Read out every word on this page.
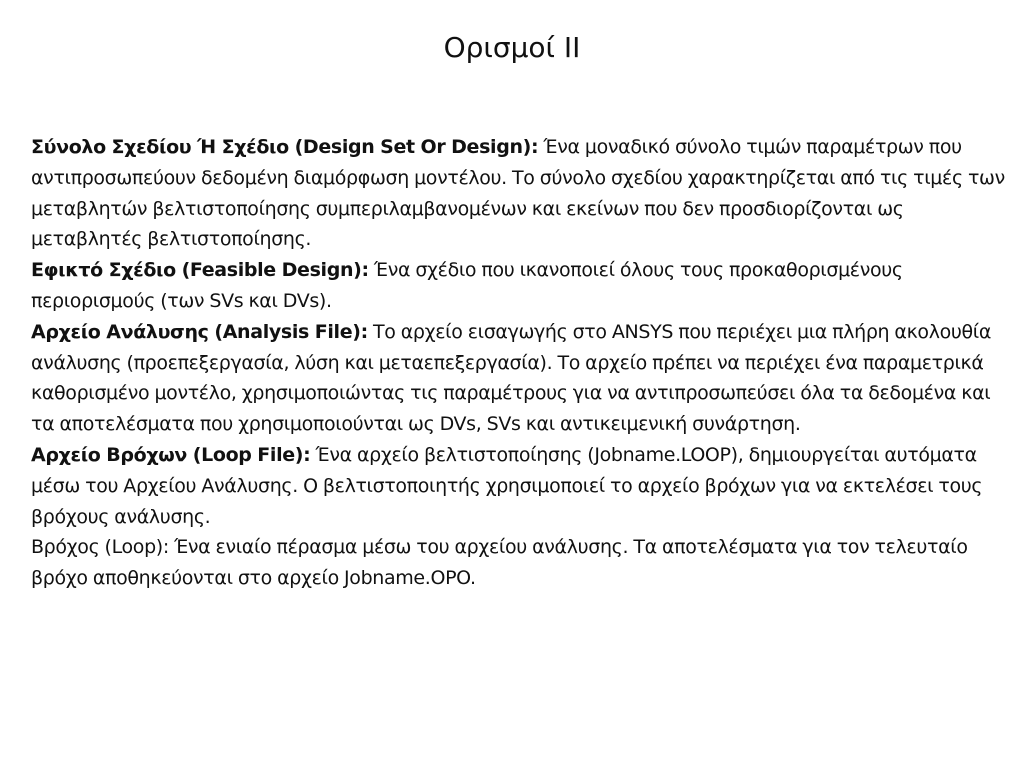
Ορισμοί ΙΙ

Σύνολο Σχεδίου Ή Σχέδιο (Design Set Or Design): Ένα μοναδικό σύνολο τιμών παραμέτρων που αντιπροσωπεύουν δεδομένη διαμόρφωση μοντέλου. Το σύνολο σχεδίου χαρακτηρίζεται από τις τιμές των μεταβλητών βελτιστοποίησης συμπεριλαμβανομένων και εκείνων που δεν προσδιορίζονται ως μεταβλητές βελτιστοποίησης.

Εφικτό Σχέδιο (Feasible Design): Ένα σχέδιο που ικανοποιεί όλους τους προκαθορισμένους περιορισμούς (των SVs και DVs).

Αρχείο Ανάλυσης (Analysis File): Το αρχείο εισαγωγής στο ANSYS που περιέχει μια πλήρη ακολουθία ανάλυσης (προεπεξεργασία, λύση και μεταεπεξεργασία). Το αρχείο πρέπει να περιέχει ένα παραμετρικά καθορισμένο μοντέλο, χρησιμοποιώντας τις παραμέτρους για να αντιπροσωπεύσει όλα τα δεδομένα και τα αποτελέσματα που χρησιμοποιούνται ως DVs, SVs και αντικειμενική συνάρτηση.

Αρχείο Βρόχων (Loop File): Ένα αρχείο βελτιστοποίησης (Jobname.LOOP), δημιουργείται αυτόματα μέσω του Αρχείου Ανάλυσης. Ο βελτιστοποιητής χρησιμοποιεί το αρχείο βρόχων για να εκτελέσει τους βρόχους ανάλυσης.

Βρόχος (Loop): Ένα ενιαίο πέρασμα μέσω του αρχείου ανάλυσης. Τα αποτελέσματα για τον τελευταίο βρόχο αποθηκεύονται στο αρχείο Jobname.OPO.
